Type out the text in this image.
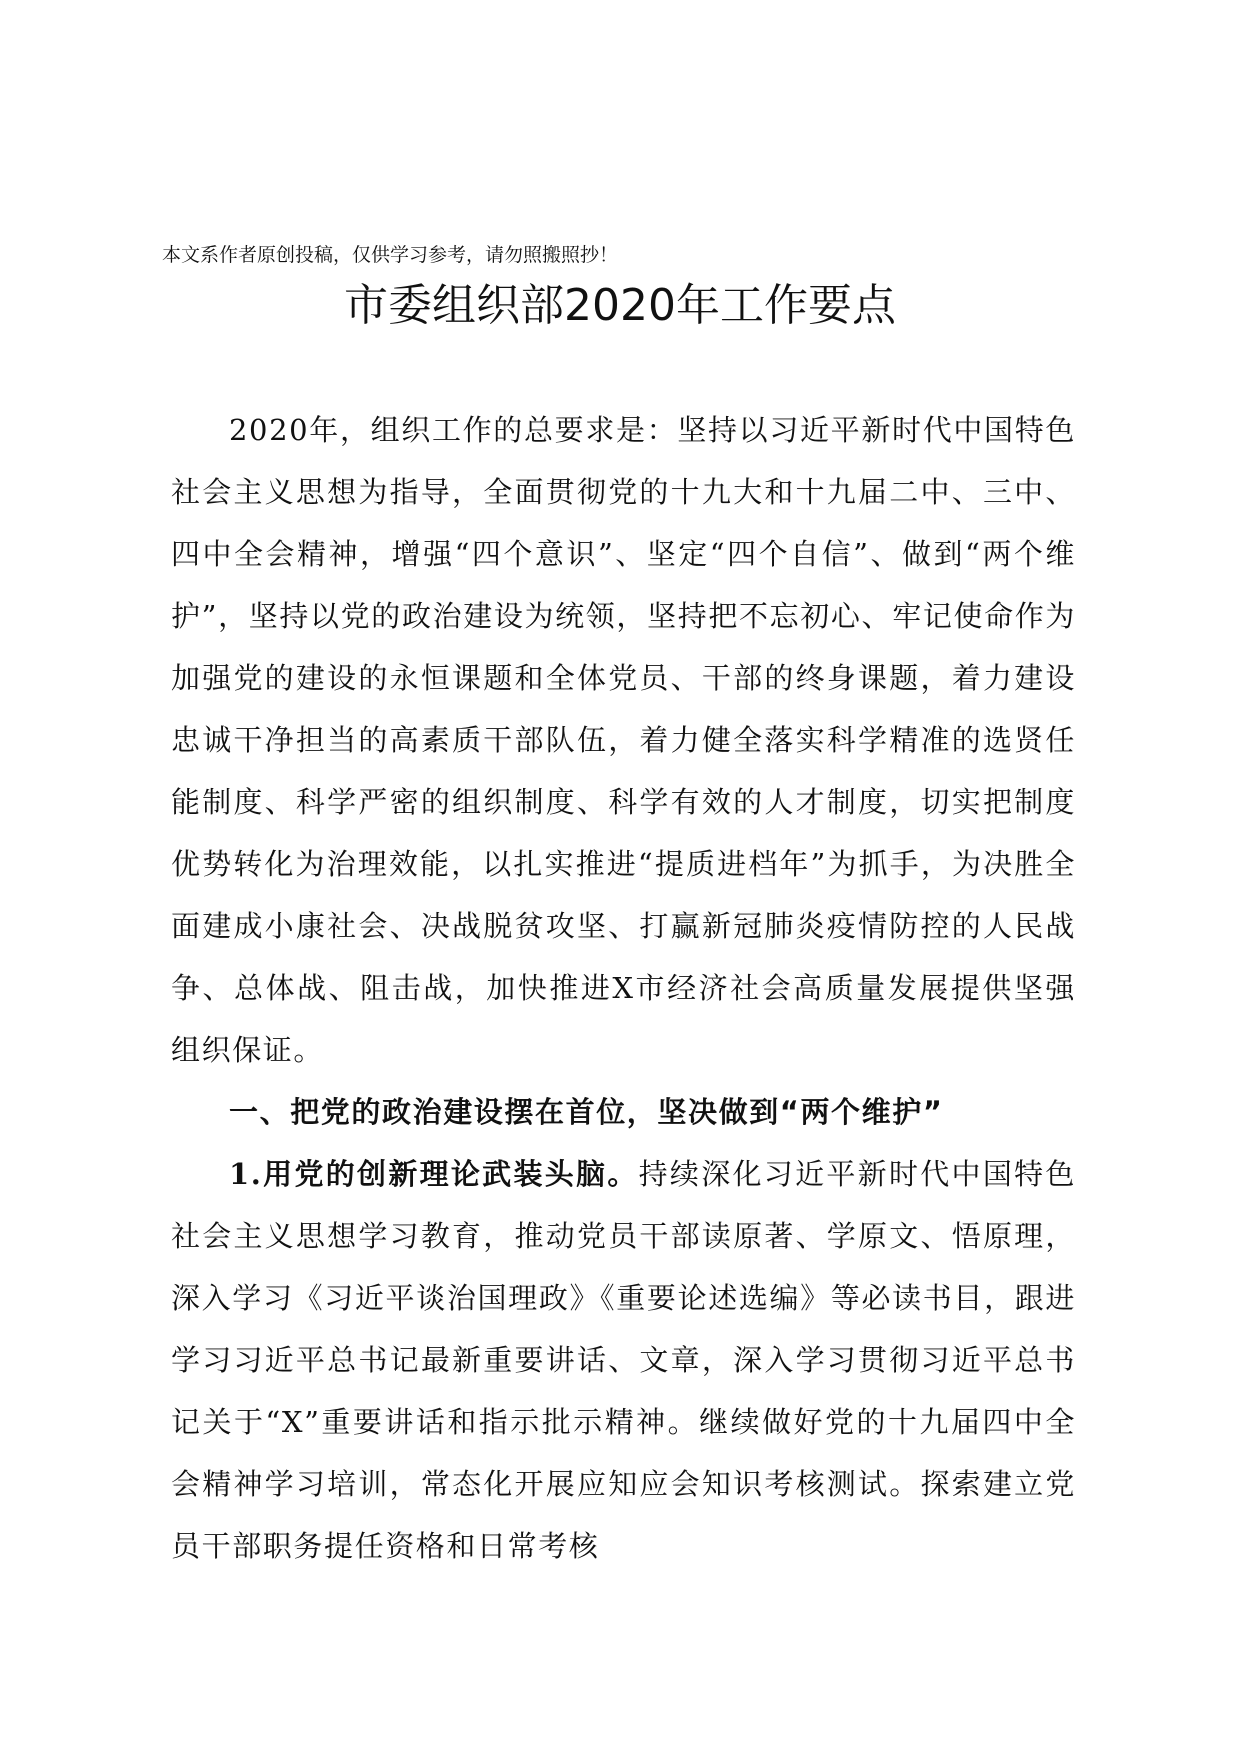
本文系作者原创投稿，仅供学习参考，请勿照搬照抄！
市委组织部2020年工作要点

2020年，组织工作的总要求是：坚持以习近平新时代中国特色社会主义思想为指导，全面贯彻党的十九大和十九届二中、三中、四中全会精神，增强“四个意识”、坚定“四个自信”、做到“两个维护”，坚持以党的政治建设为统领，坚持把不忘初心、牢记使命作为加强党的建设的永恒课题和全体党员、干部的终身课题，着力建设忠诚干净担当的高素质干部队伍，着力健全落实科学精准的选贤任能制度、科学严密的组织制度、科学有效的人才制度，切实把制度优势转化为治理效能，以扎实推进“提质进档年”为抓手，为决胜全面建成小康社会、决战脱贫攻坚、打赢新冠肺炎疫情防控的人民战争、总体战、阻击战，加快推进X市经济社会高质量发展提供坚强组织保证。

一、把党的政治建设摆在首位，坚决做到“两个维护”

1.用党的创新理论武装头脑。持续深化习近平新时代中国特色社会主义思想学习教育，推动党员干部读原著、学原文、悟原理，深入学习《习近平谈治国理政》《重要论述选编》等必读书目，跟进学习习近平总书记最新重要讲话、文章，深入学习贯彻习近平总书记关于“X”重要讲话和指示批示精神。继续做好党的十九届四中全会精神学习培训，常态化开展应知应会知识考核测试。探索建立党员干部职务提任资格和日常考核
